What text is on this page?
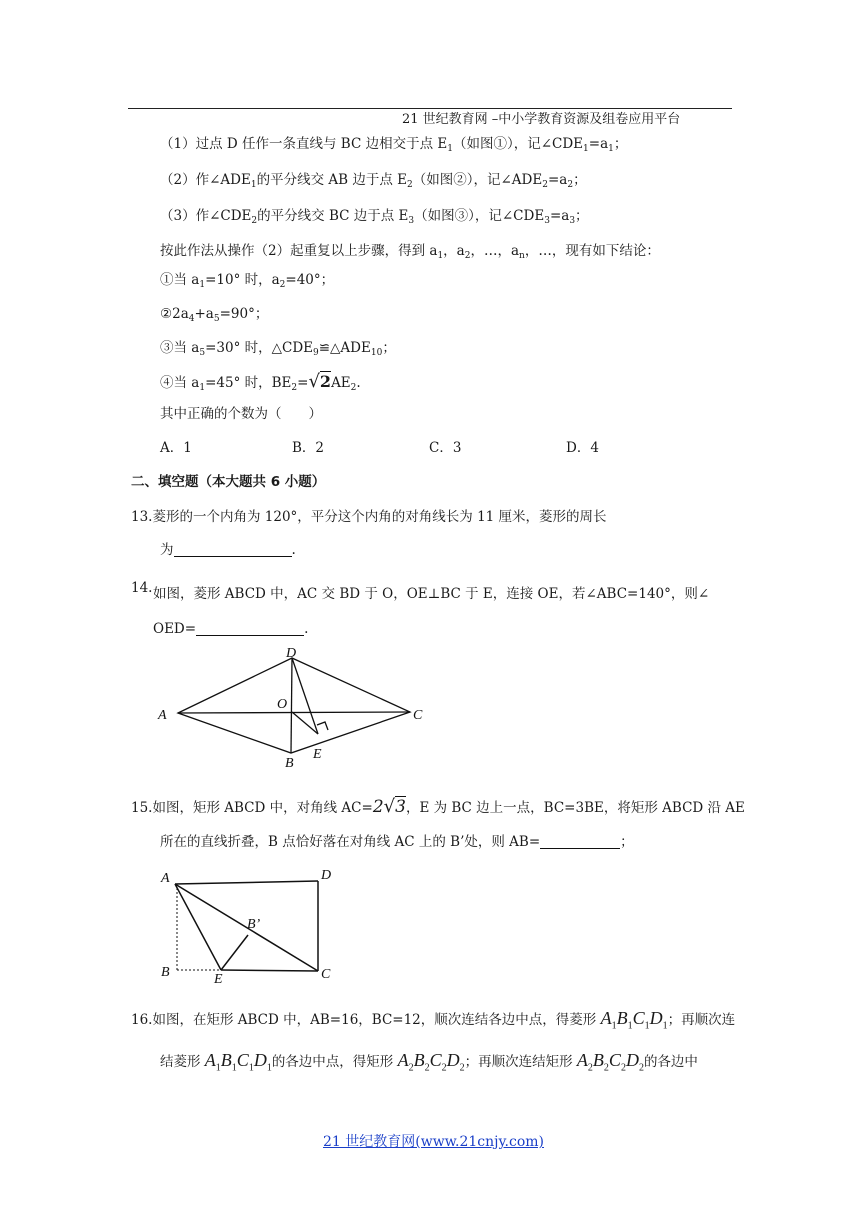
21 世纪教育网 –中小学教育资源及组卷应用平台
（1）过点 D 任作一条直线与 BC 边相交于点 $E_1$（如图①），记$\angle CDE_1=a_1$；
（2）作$\angle ADE_1$的平分线交 AB 边于点 $E_2$（如图②），记$\angle ADE_2=a_2$；
（3）作$\angle CDE_2$的平分线交 BC 边于点 $E_3$（如图③），记$\angle CDE_3=a_3$；
按此作法从操作（2）起重复以上步骤，得到 $a_1$，$a_2$，…，$a_n$，…，现有如下结论：
①当 $a_1=10^\circ$ 时，$a_2=40^\circ$；
$②2a_4+a_5=90^\circ$；
③当 $a_5=30^\circ$ 时，$\triangle CDE_9≌\triangle ADE_{10}$；
④当 $a_1=45^\circ$ 时，$BE_2=√2AE_2$.
其中正确的个数为（　　）
A．1	B．2	C．3	D．4
二、填空题（本大题共 6 小题）
13.菱形的一个内角为 120°，平分这个内角的对角线长为 11 厘米，菱形的周长
为	.
14. 如图，菱形 ABCD 中，AC 交 BD 于 O，OE⊥BC 于 E，连接 OE，若∠ABC=140°，则∠
OED=	.
A
B
C
D
O
E
15.如图，矩形 ABCD 中，对角线 AC=2√3，E 为 BC 边上一点，BC=3BE，将矩形 ABCD 沿 AE
所在的直线折叠，B 点恰好落在对角线 AC 上的 B’处，则 AB=	；
A
B	C
D
E
B’
16.如图，在矩形 ABCD 中，AB=16，BC=12，顺次连结各边中点，得菱形 $A_1B_1C_1D_1$；再顺次连
结菱形 $A_1B_1C_1D_1$的各边中点，得矩形 $A_2B_2C_2D_2$；再顺次连结矩形 $A_2B_2C_2D_2$的各边中
21 世纪教育网(www.21cnjy.com)
